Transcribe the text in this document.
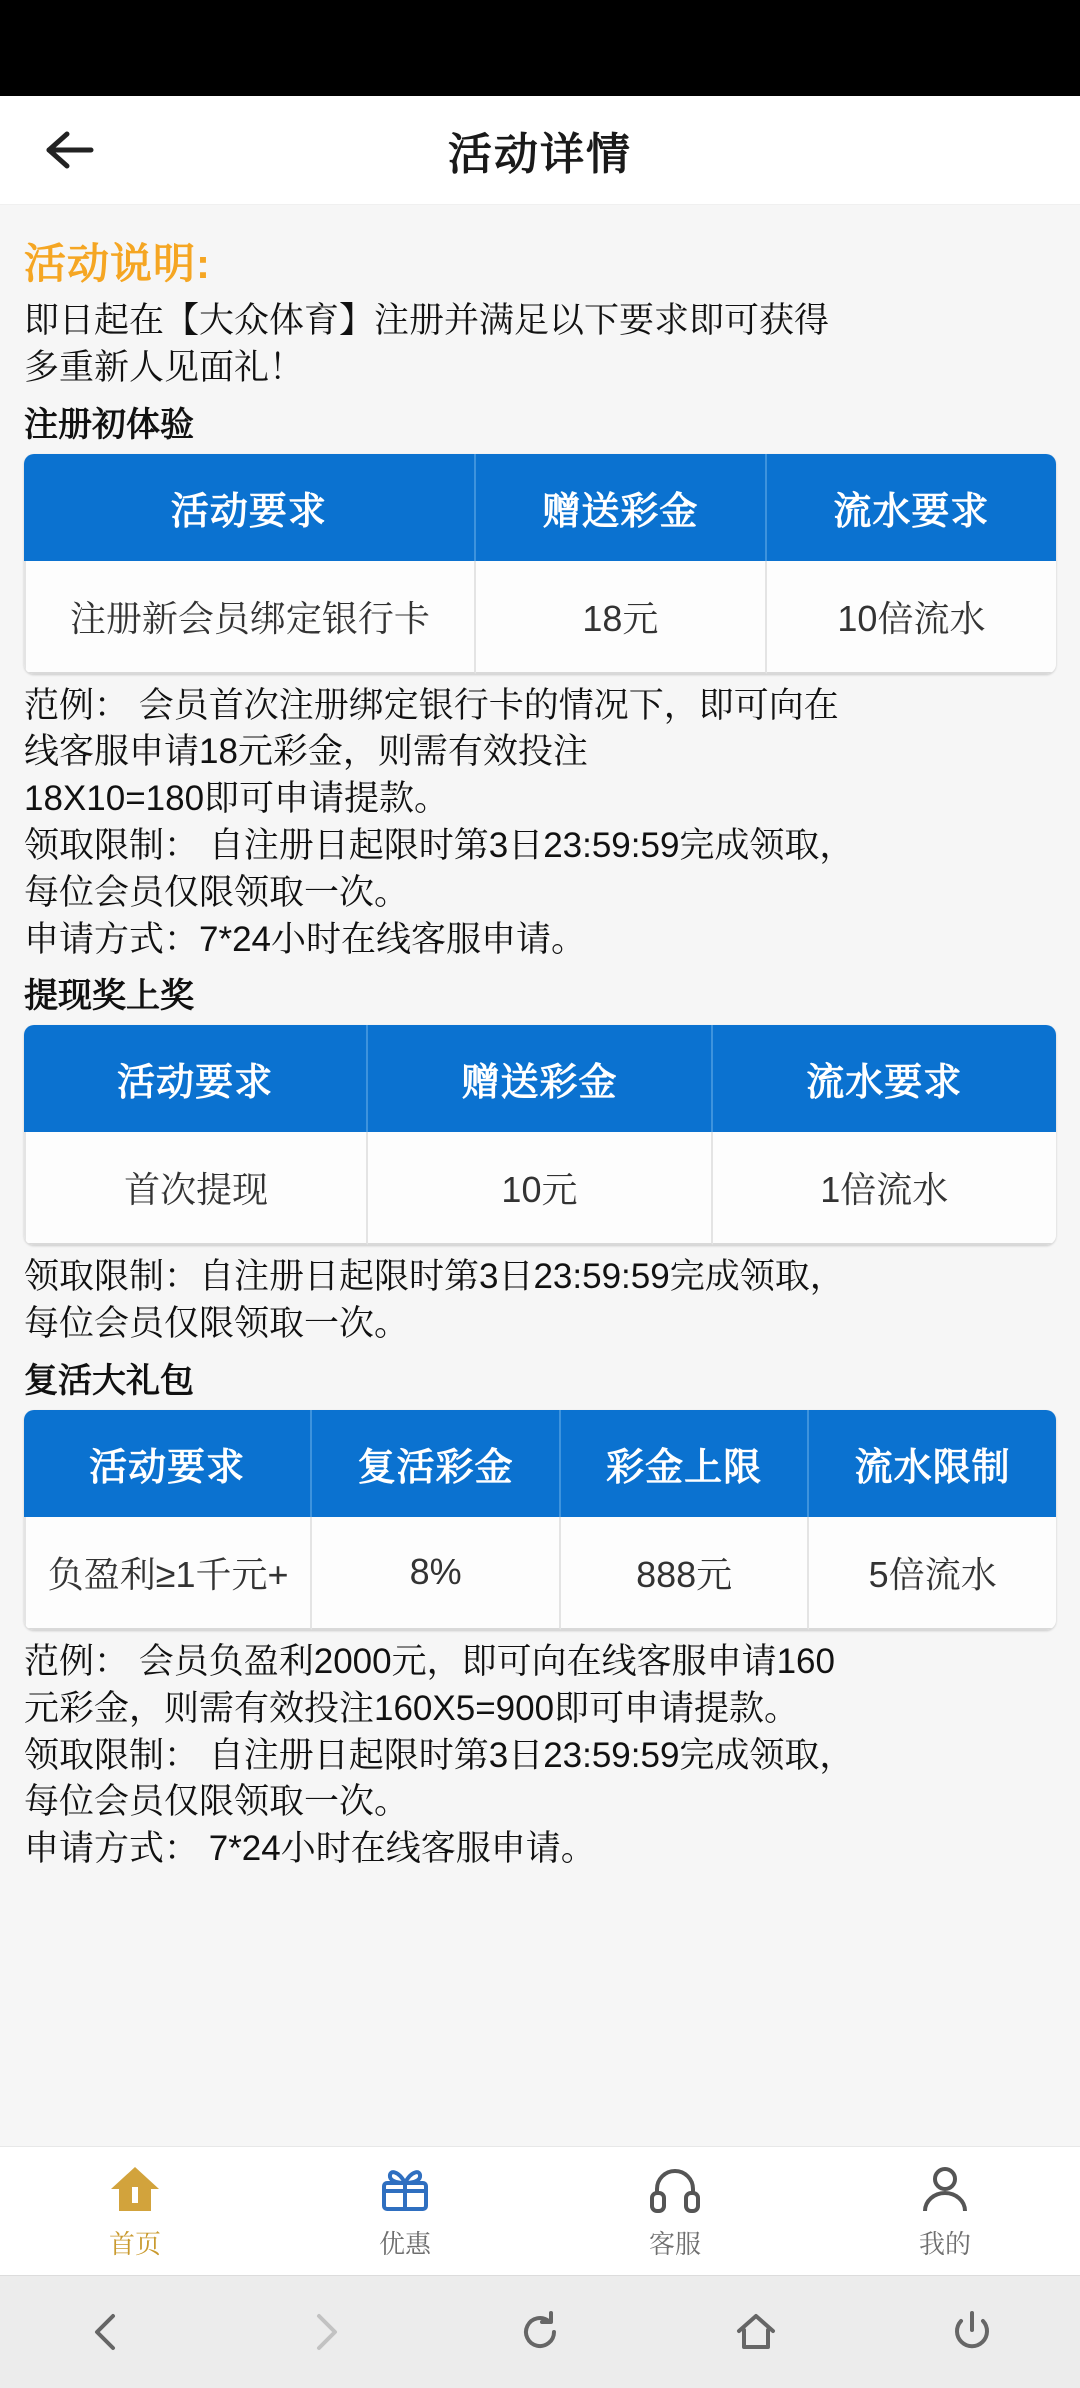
活动详情
活动说明:
即日起在【大众体育】注册并满足以下要求即可获得
多重新人见面礼！
注册初体验
活动要求	赠送彩金	流水要求
注册新会员绑定银行卡	18元	10倍流水
范例： 会员首次注册绑定银行卡的情况下，即可向在
线客服申请18元彩金，则需有效投注
18X10=180即可申请提款。
领取限制： 自注册日起限时第3日23:59:59完成领取，
每位会员仅限领取一次。
申请方式：7*24小时在线客服申请。
提现奖上奖
活动要求	赠送彩金	流水要求
首次提现	10元	1倍流水
领取限制：自注册日起限时第3日23:59:59完成领取，
每位会员仅限领取一次。
复活大礼包
活动要求	复活彩金	彩金上限	流水限制
负盈利≥1千元+	8%	888元	5倍流水
范例： 会员负盈利2000元，即可向在线客服申请160
元彩金，则需有效投注160X5=900即可申请提款。
领取限制： 自注册日起限时第3日23:59:59完成领取，
每位会员仅限领取一次。
申请方式： 7*24小时在线客服申请。
首页	优惠	客服	我的
